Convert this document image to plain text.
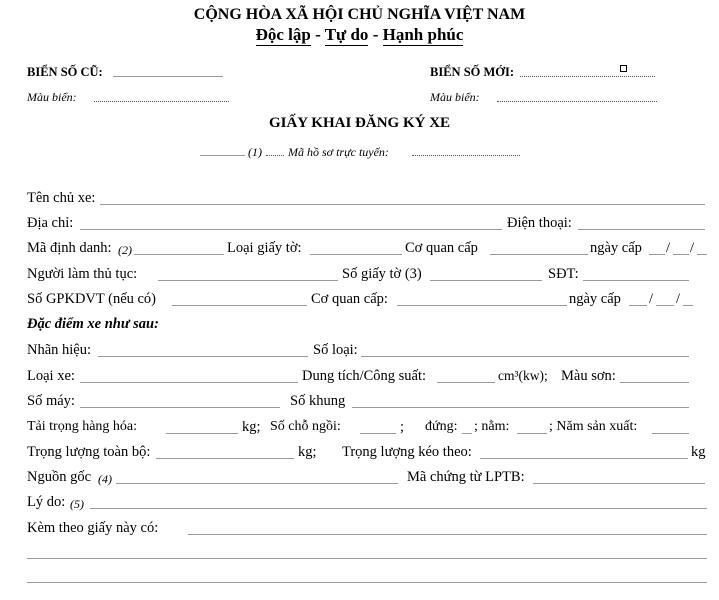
CỘNG HÒA XÃ HỘI CHỦ NGHĨA VIỆT NAM
Độc lập - Tự do - Hạnh phúc
BIỂN SỐ CŨ:
Màu biển:
BIỂN SỐ MỚI:
Màu biển:
GIẤY KHAI ĐĂNG KÝ XE
(1) Mã hồ sơ trực tuyến:
Tên chủ xe:
Địa chỉ:	Điện thoại:
Mã định danh: (2)	Loại giấy tờ:	Cơ quan cấp	ngày cấp / /
Người làm thủ tục:	Số giấy tờ (3)	SĐT:
Số GPKDVT (nếu có)	Cơ quan cấp:	ngày cấp / /
Đặc điểm xe như sau:
Nhãn hiệu:	Số loại:
Loại xe:	Dung tích/Công suất:	cm³(kw); Màu sơn:
Số máy:	Số khung
Tải trọng hàng hóa:	kg; Số chỗ ngồi:	; đứng: ; nằm:	; Năm sản xuất:
Trọng lượng toàn bộ:	kg; Trọng lượng kéo theo:	kg
Nguồn gốc (4)	Mã chứng từ LPTB:
Lý do: (5)
Kèm theo giấy này có:
